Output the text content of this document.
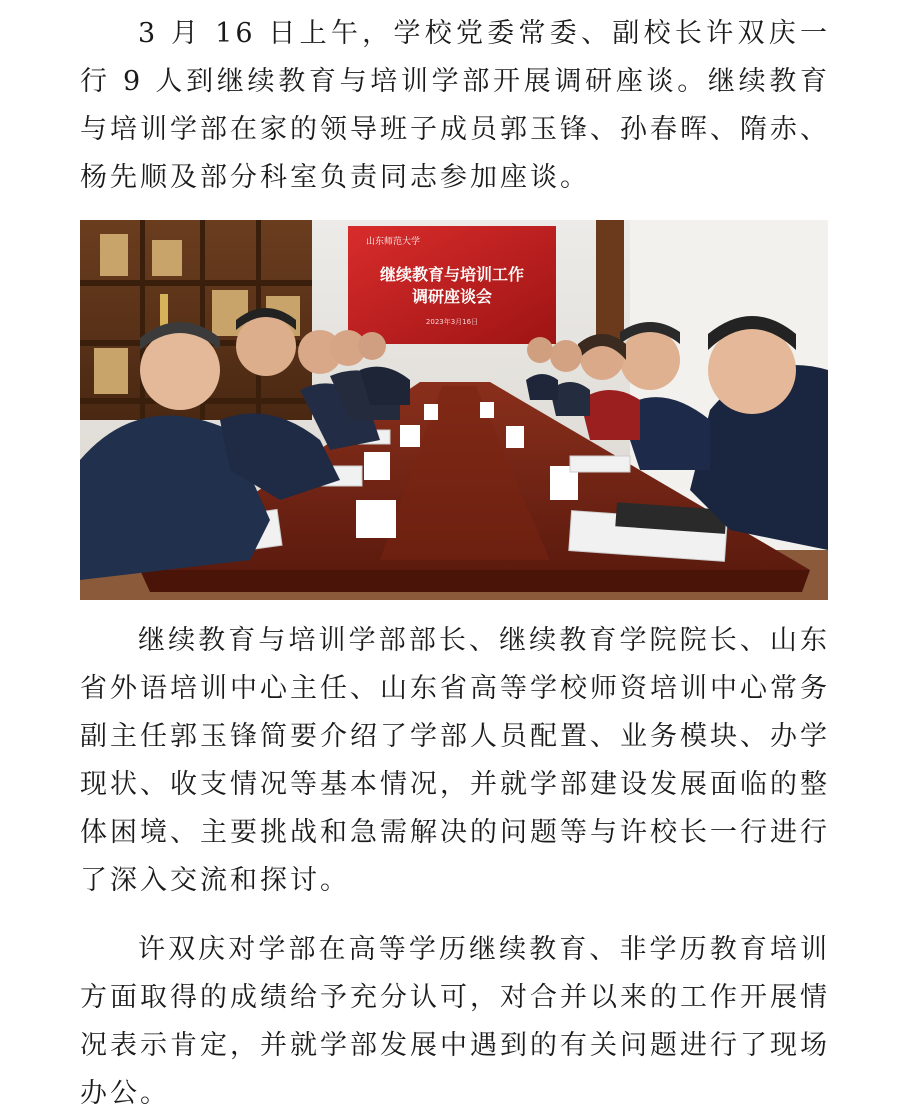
3 月 16 日上午，学校党委常委、副校长许双庆一行 9 人到继续教育与培训学部开展调研座谈。继续教育与培训学部在家的领导班子成员郭玉锋、孙春晖、隋赤、杨先顺及部分科室负责同志参加座谈。

山东师范大学
继续教育与培训工作
调研座谈会
2023年3月16日

继续教育与培训学部部长、继续教育学院院长、山东省外语培训中心主任、山东省高等学校师资培训中心常务副主任郭玉锋简要介绍了学部人员配置、业务模块、办学现状、收支情况等基本情况，并就学部建设发展面临的整体困境、主要挑战和急需解决的问题等与许校长一行进行了深入交流和探讨。

许双庆对学部在高等学历继续教育、非学历教育培训方面取得的成绩给予充分认可，对合并以来的工作开展情况表示肯定，并就学部发展中遇到的有关问题进行了现场办公。
